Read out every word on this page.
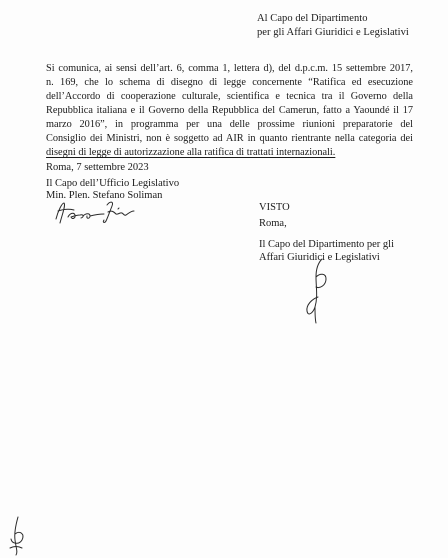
Al Capo del Dipartimento
per gli Affari Giuridici e Legislativi
Si comunica, ai sensi dell’art. 6, comma 1, lettera d), del d.p.c.m. 15 settembre 2017,
n. 169, che lo schema di disegno di legge concernente “Ratifica ed esecuzione
dell’Accordo di cooperazione culturale, scientifica e tecnica tra il Governo della
Repubblica italiana e il Governo della Repubblica del Camerun, fatto a Yaoundé il 17
marzo 2016”, in programma per una delle prossime riunioni preparatorie del
Consiglio dei Ministri, non è soggetto ad AIR in quanto rientrante nella categoria dei
disegni di legge di autorizzazione alla ratifica di trattati internazionali.
Roma, 7 settembre 2023
Il Capo dell’Ufficio Legislativo
Min. Plen. Stefano Soliman
VISTO
Roma,
Il Capo del Dipartimento per gli
Affari Giuridici e Legislativi
